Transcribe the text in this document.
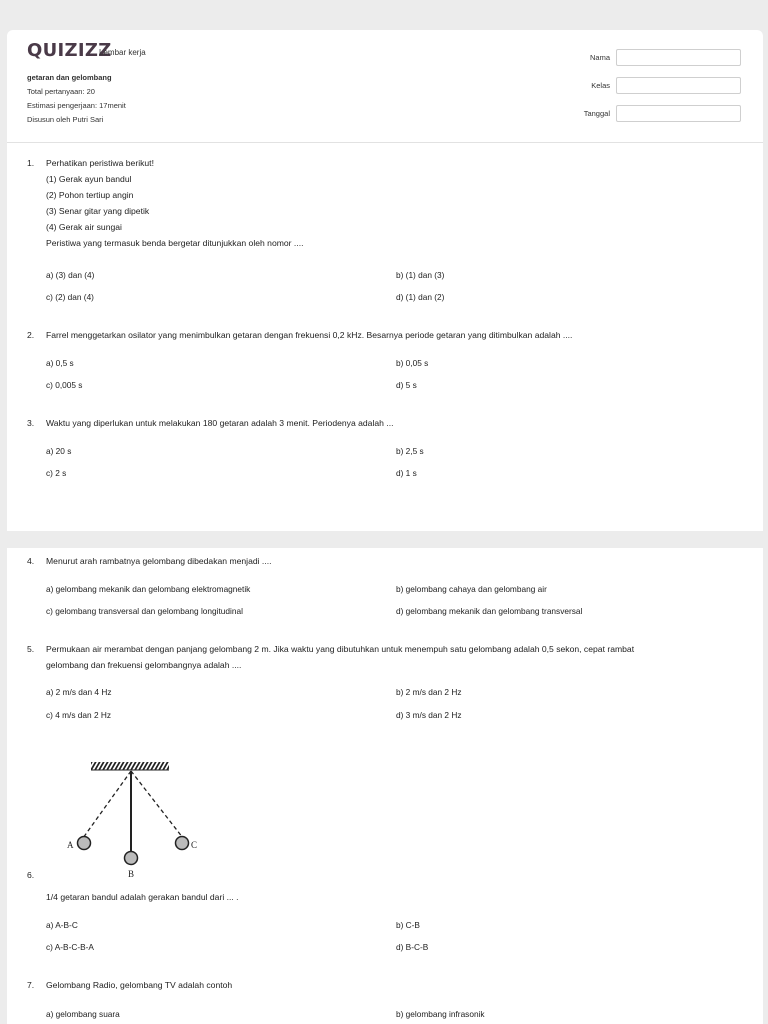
QUIZIZZ
Lembar kerja
getaran dan gelombang
Total pertanyaan: 20
Estimasi pengerjaan: 17menit
Disusun oleh Putri Sari
Nama
Kelas
Tanggal
1. Perhatikan peristiwa berikut!
(1) Gerak ayun bandul
(2) Pohon tertiup angin
(3) Senar gitar yang dipetik
(4) Gerak air sungai
Peristiwa yang termasuk benda bergetar ditunjukkan oleh nomor ....
a) (3) dan (4)	b) (1) dan (3)
c) (2) dan (4)	d) (1) dan (2)
2. Farrel menggetarkan osilator yang menimbulkan getaran dengan frekuensi 0,2 kHz. Besarnya periode getaran yang ditimbulkan adalah ....
a) 0,5 s	b) 0,05 s
c) 0,005 s	d) 5 s
3. Waktu yang diperlukan untuk melakukan 180 getaran adalah 3 menit. Periodenya adalah ...
a) 20 s	b) 2,5 s
c) 2 s	d) 1 s
4. Menurut arah rambatnya gelombang dibedakan menjadi ....
a) gelombang mekanik dan gelombang elektromagnetik	b) gelombang cahaya dan gelombang air
c) gelombang transversal dan gelombang longitudinal	d) gelombang mekanik dan gelombang transversal
5. Permukaan air merambat dengan panjang gelombang 2 m. Jika waktu yang dibutuhkan untuk menempuh satu gelombang adalah 0,5 sekon, cepat rambat
gelombang dan frekuensi gelombangnya adalah ....
a) 2 m/s dan 4 Hz	b) 2 m/s dan 2 Hz
c) 4 m/s dan 2 Hz	d) 3 m/s dan 2 Hz
A
B
C
6.
1/4 getaran bandul adalah gerakan bandul dari ... .
a) A-B-C	b) C-B
c) A-B-C-B-A	d) B-C-B
7. Gelombang Radio, gelombang TV adalah contoh
a) gelombang suara	b) gelombang infrasonik
